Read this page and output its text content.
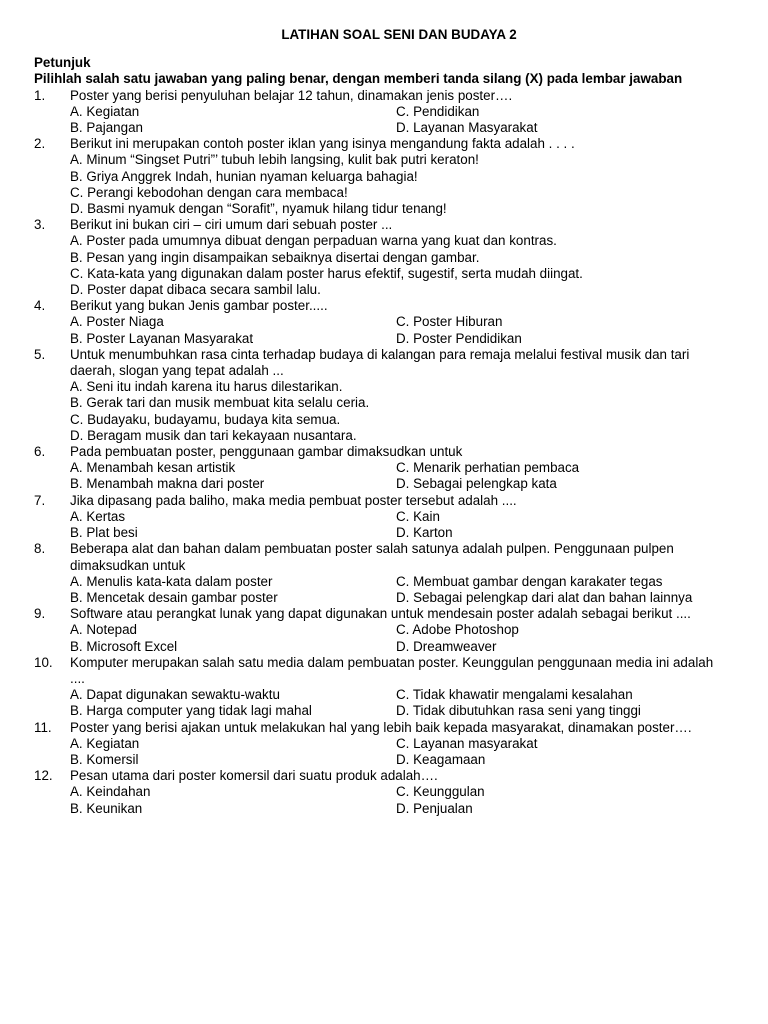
LATIHAN SOAL SENI DAN BUDAYA 2
Petunjuk
Pilihlah salah satu jawaban yang paling benar, dengan memberi tanda silang (X) pada lembar jawaban
1.	Poster yang berisi penyuluhan belajar 12 tahun, dinamakan jenis poster….
A. Kegiatan	C. Pendidikan
B. Pajangan	D. Layanan Masyarakat
2.	Berikut ini merupakan contoh poster iklan yang isinya mengandung fakta adalah . . . .
A. Minum “Singset Putri”’ tubuh lebih langsing, kulit bak putri keraton!
B. Griya Anggrek Indah, hunian nyaman keluarga bahagia!
C. Perangi kebodohan dengan cara membaca!
D. Basmi nyamuk dengan “Sorafit”, nyamuk hilang tidur tenang!
3.	Berikut ini bukan ciri – ciri umum dari sebuah poster ...
A. Poster pada umumnya dibuat dengan perpaduan warna yang kuat dan kontras.
B. Pesan yang ingin disampaikan sebaiknya disertai dengan gambar.
C. Kata-kata yang digunakan dalam poster harus efektif, sugestif, serta mudah diingat.
D. Poster dapat dibaca secara sambil lalu.
4.	Berikut yang bukan Jenis gambar poster.....
A. Poster Niaga	C. Poster Hiburan
B. Poster Layanan Masyarakat	D. Poster Pendidikan
5.	Untuk menumbuhkan rasa cinta terhadap budaya di kalangan para remaja melalui festival musik dan tari daerah, slogan yang tepat adalah ...
A. Seni itu indah karena itu harus dilestarikan.
B. Gerak tari dan musik membuat kita selalu ceria.
C. Budayaku, budayamu, budaya kita semua.
D. Beragam musik dan tari kekayaan nusantara.
6.	Pada pembuatan poster, penggunaan gambar dimaksudkan untuk
A. Menambah kesan artistik	C. Menarik perhatian pembaca
B. Menambah makna dari poster	D. Sebagai pelengkap kata
7.	Jika dipasang pada baliho, maka media pembuat poster tersebut adalah ....
A. Kertas	C. Kain
B. Plat besi	D. Karton
8.	Beberapa alat dan bahan dalam pembuatan poster salah satunya adalah pulpen. Penggunaan pulpen dimaksudkan untuk
A. Menulis kata-kata dalam poster	C. Membuat gambar dengan karakater tegas
B. Mencetak desain gambar poster	D. Sebagai pelengkap dari alat dan bahan lainnya
9.	Software atau perangkat lunak yang dapat digunakan untuk mendesain poster adalah sebagai berikut ....
A. Notepad	C. Adobe Photoshop
B. Microsoft Excel	D. Dreamweaver
10.	Komputer merupakan salah satu media dalam pembuatan poster. Keunggulan penggunaan media ini adalah ....
A. Dapat digunakan sewaktu-waktu	C. Tidak khawatir mengalami kesalahan
B. Harga computer yang tidak lagi mahal	D. Tidak dibutuhkan rasa seni yang tinggi
11.	Poster yang berisi ajakan untuk melakukan hal yang lebih baik kepada masyarakat, dinamakan poster….
A. Kegiatan	C. Layanan masyarakat
B. Komersil	D. Keagamaan
12.	Pesan utama dari poster komersil dari suatu produk adalah….
A. Keindahan	C. Keunggulan
B. Keunikan	D. Penjualan
